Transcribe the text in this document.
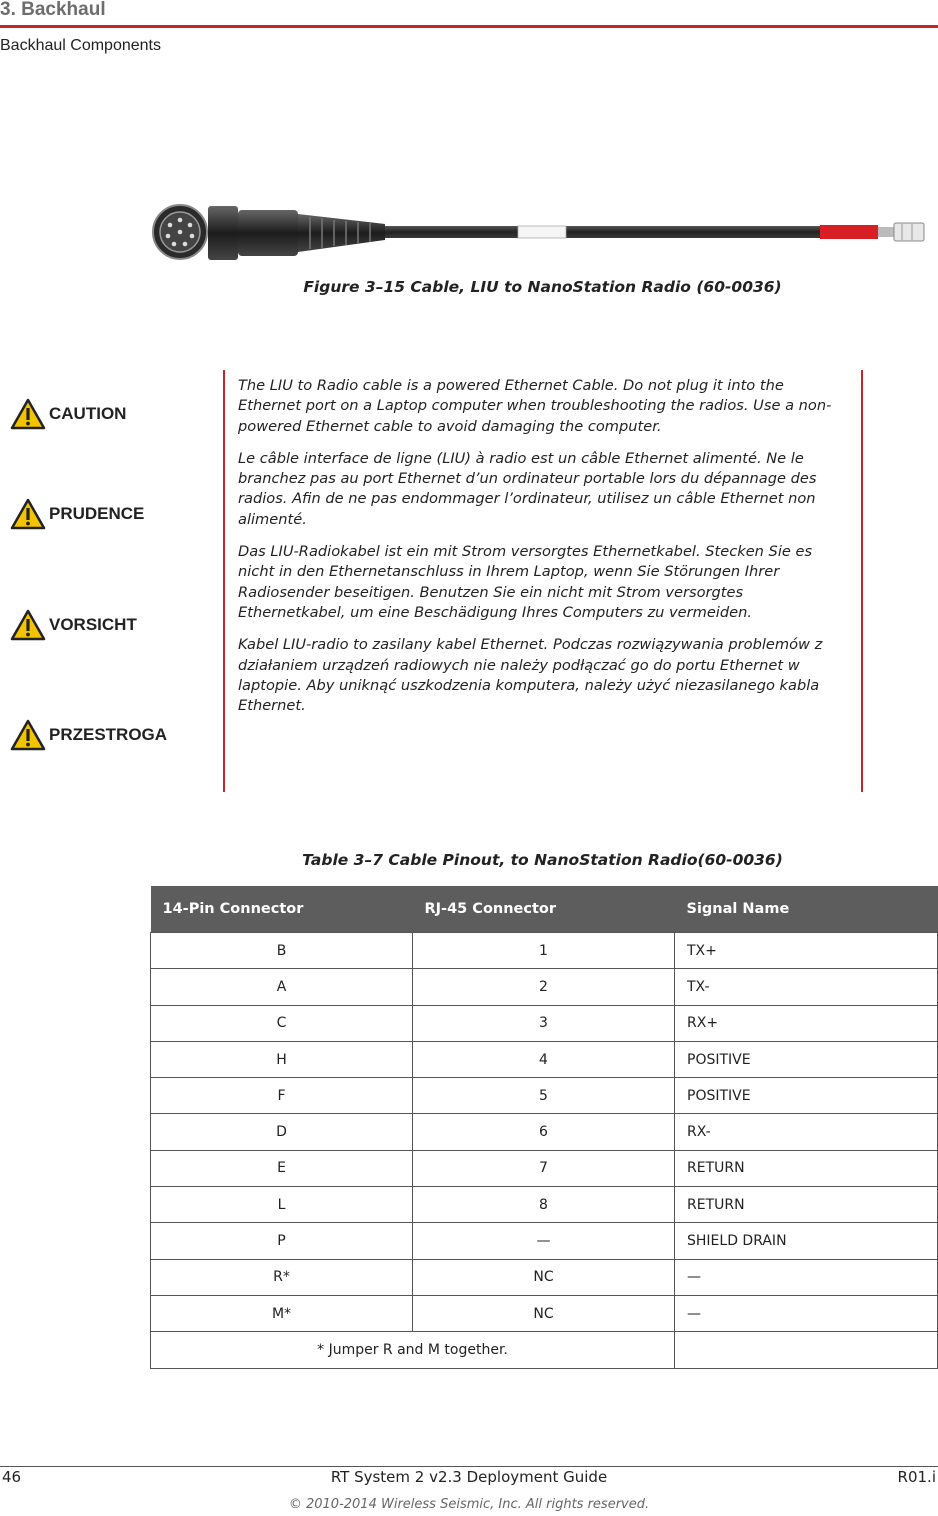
3. Backhaul
Backhaul Components
Figure 3–15 Cable, LIU to NanoStation Radio (60-0036)
CAUTION
PRUDENCE
VORSICHT
PRZESTROGA

The LIU to Radio cable is a powered Ethernet Cable. Do not plug it into the Ethernet port on a Laptop computer when troubleshooting the radios. Use a non-powered Ethernet cable to avoid damaging the computer.

Le câble interface de ligne (LIU) à radio est un câble Ethernet alimenté. Ne le branchez pas au port Ethernet d’un ordinateur portable lors du dépannage des radios. Afin de ne pas endommager l’ordinateur, utilisez un câble Ethernet non alimenté.

Das LIU-Radiokabel ist ein mit Strom versorgtes Ethernetkabel. Stecken Sie es nicht in den Ethernetanschluss in Ihrem Laptop, wenn Sie Störungen Ihrer Radiosender beseitigen. Benutzen Sie ein nicht mit Strom versorgtes Ethernetkabel, um eine Beschädigung Ihres Computers zu vermeiden.

Kabel LIU-radio to zasilany kabel Ethernet. Podczas rozwiązywania problemów z działaniem urządzeń radiowych nie należy podłączać go do portu Ethernet w laptopie. Aby uniknąć uszkodzenia komputera, należy użyć niezasilanego kabla Ethernet.

Table 3–7 Cable Pinout, to NanoStation Radio(60-0036)
14-Pin Connector	RJ-45 Connector	Signal Name
B	1	TX+
A	2	TX-
C	3	RX+
H	4	POSITIVE
F	5	POSITIVE
D	6	RX-
E	7	RETURN
L	8	RETURN
P	—	SHIELD DRAIN
R*	NC	—
M*	NC	—
* Jumper R and M together.		
46	RT System 2 v2.3 Deployment Guide	R01.i
© 2010-2014 Wireless Seismic, Inc. All rights reserved.
